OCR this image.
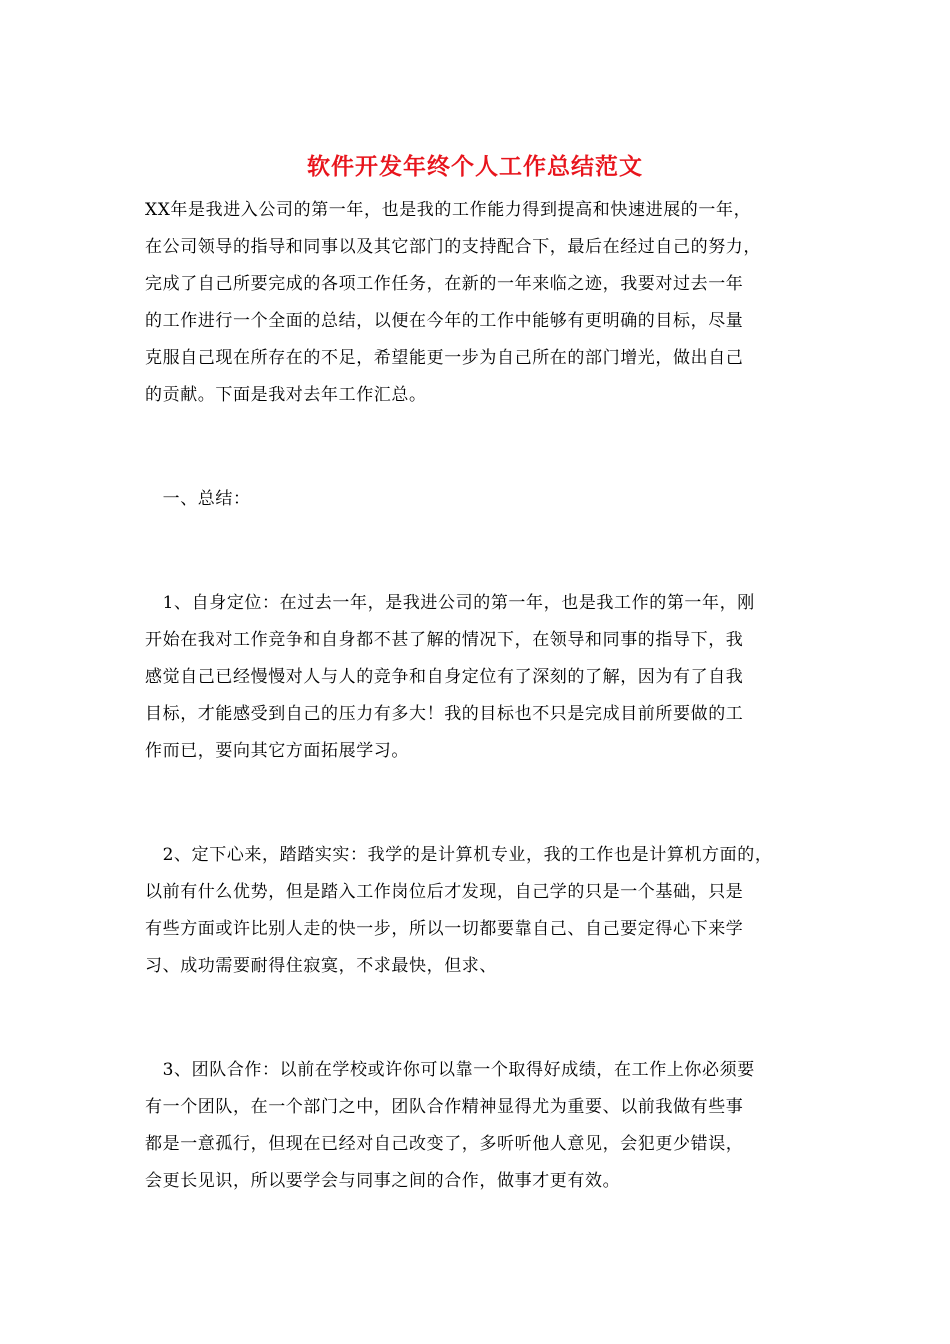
软件开发年终个人工作总结范文
XX年是我进入公司的第一年，也是我的工作能力得到提高和快速进展的一年，
在公司领导的指导和同事以及其它部门的支持配合下，最后在经过自己的努力，
完成了自己所要完成的各项工作任务，在新的一年来临之迹，我要对过去一年
的工作进行一个全面的总结，以便在今年的工作中能够有更明确的目标，尽量
克服自己现在所存在的不足，希望能更一步为自己所在的部门增光，做出自己
的贡献。下面是我对去年工作汇总。
　一、总结：
　1、自身定位：在过去一年，是我进公司的第一年，也是我工作的第一年，刚
开始在我对工作竞争和自身都不甚了解的情况下，在领导和同事的指导下，我
感觉自己已经慢慢对人与人的竞争和自身定位有了深刻的了解，因为有了自我
目标，才能感受到自己的压力有多大！我的目标也不只是完成目前所要做的工
作而已，要向其它方面拓展学习。
　2、定下心来，踏踏实实：我学的是计算机专业，我的工作也是计算机方面的，
以前有什么优势，但是踏入工作岗位后才发现，自己学的只是一个基础，只是
有些方面或许比别人走的快一步，所以一切都要靠自己、自己要定得心下来学
习、成功需要耐得住寂寞，不求最快，但求、
　3、团队合作：以前在学校或许你可以靠一个取得好成绩，在工作上你必须要
有一个团队，在一个部门之中，团队合作精神显得尤为重要、以前我做有些事
都是一意孤行，但现在已经对自己改变了，多听听他人意见，会犯更少错误，
会更长见识，所以要学会与同事之间的合作，做事才更有效。
